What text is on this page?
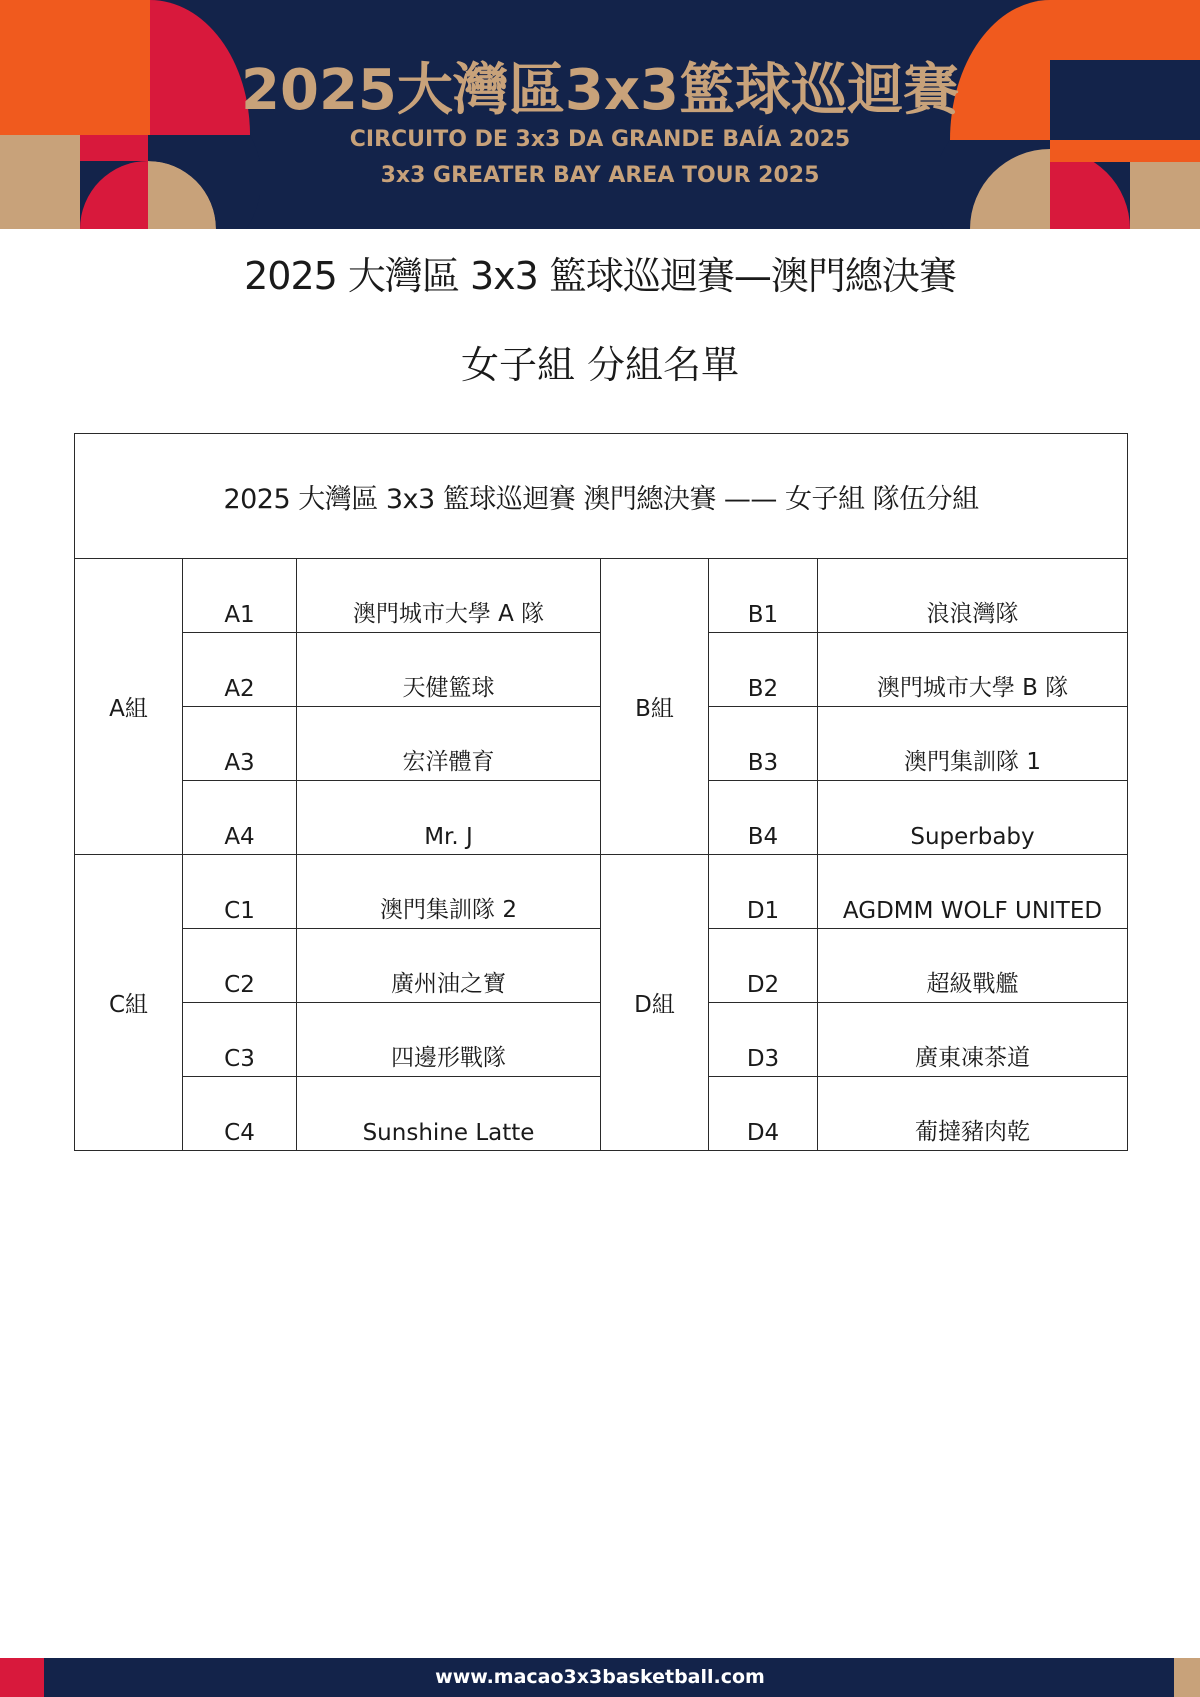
2025大灣區3x3籃球巡迴賽
CIRCUITO DE 3x3 DA GRANDE BAÍA 2025
3x3 GREATER BAY AREA TOUR 2025
2025 大灣區 3x3 籃球巡迴賽—澳門總決賽
女子組 分組名單
2025 大灣區 3x3 籃球巡迴賽 澳門總決賽 —— 女子組 隊伍分組					
A組	A1	澳門城市大學 A 隊	B組	B1	浪浪灣隊
	A2	天健籃球		B2	澳門城市大學 B 隊
	A3	宏洋體育		B3	澳門集訓隊 1
	A4	Mr. J		B4	Superbaby
C組	C1	澳門集訓隊 2	D組	D1	AGDMM WOLF UNITED
	C2	廣州油之寶		D2	超級戰艦
	C3	四邊形戰隊		D3	廣東凍茶道
	C4	Sunshine Latte		D4	葡撻豬肉乾
www.macao3x3basketball.com
